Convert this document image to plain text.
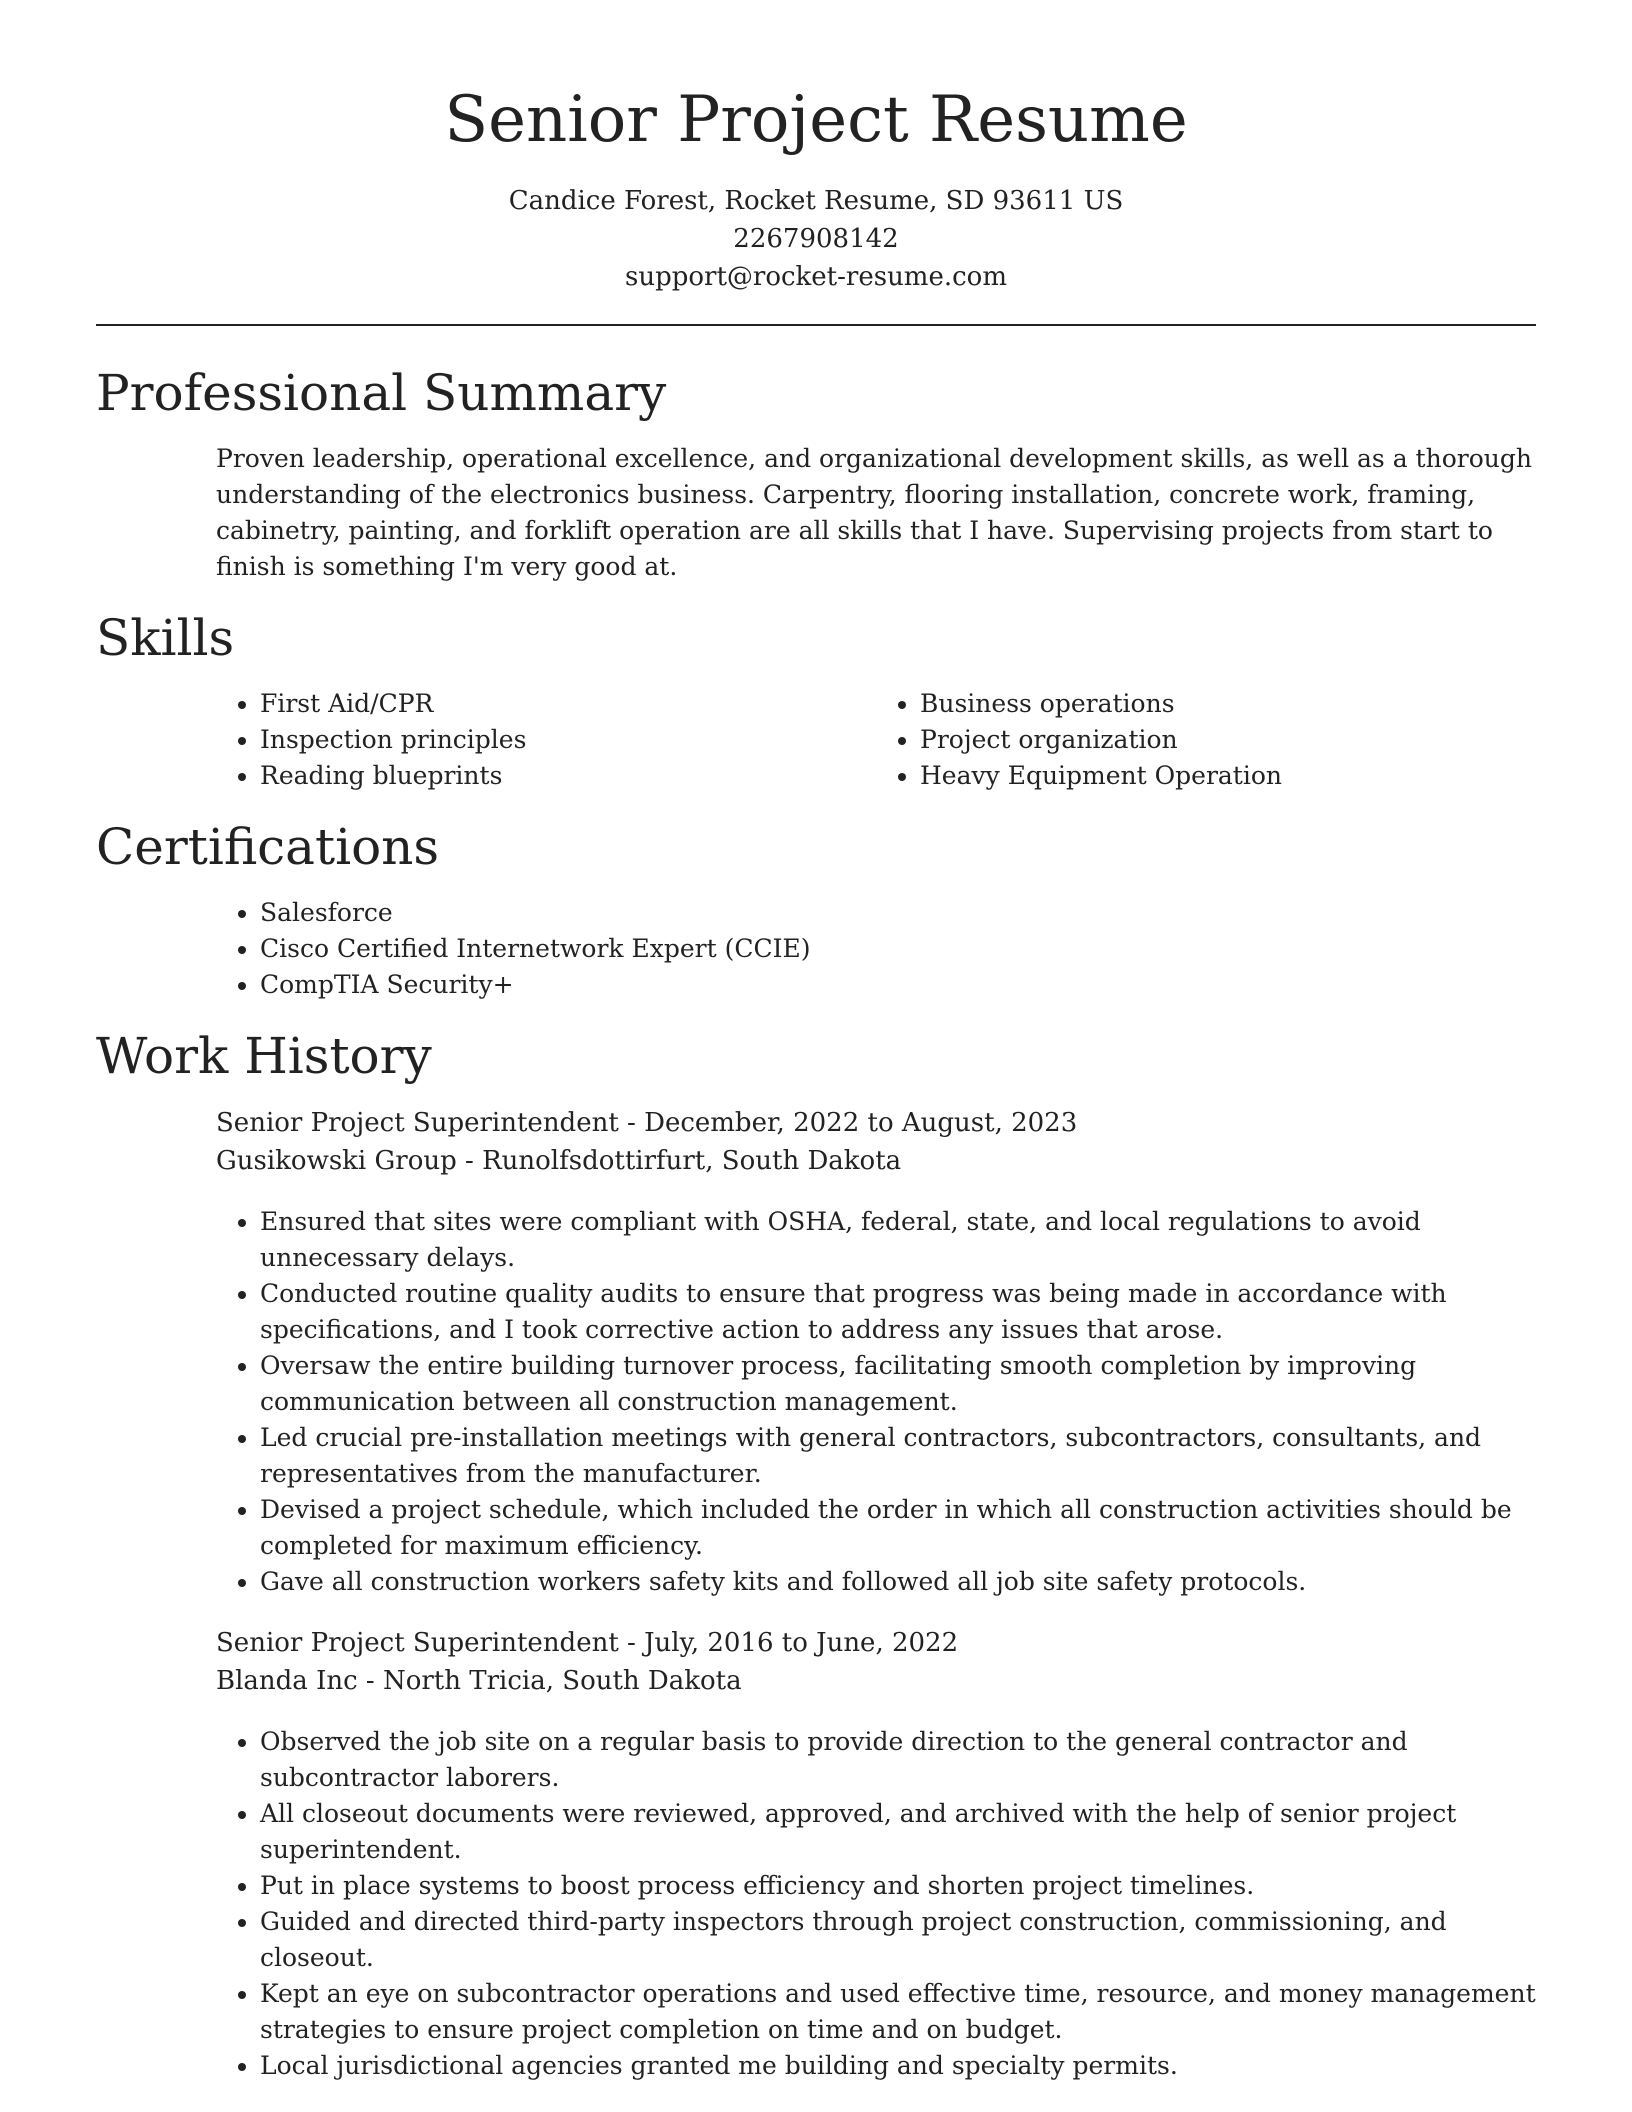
Senior Project Resume
Candice Forest, Rocket Resume, SD 93611 US
2267908142
support@rocket-resume.com
Professional Summary
Proven leadership, operational excellence, and organizational development skills, as well as a thorough understanding of the electronics business. Carpentry, flooring installation, concrete work, framing, cabinetry, painting, and forklift operation are all skills that I have. Supervising projects from start to finish is something I'm very good at.
Skills
• First Aid/CPR
• Inspection principles
• Reading blueprints
• Business operations
• Project organization
• Heavy Equipment Operation
Certifications
• Salesforce
• Cisco Certified Internetwork Expert (CCIE)
• CompTIA Security+
Work History
Senior Project Superintendent - December, 2022 to August, 2023
Gusikowski Group - Runolfsdottirfurt, South Dakota
• Ensured that sites were compliant with OSHA, federal, state, and local regulations to avoid unnecessary delays.
• Conducted routine quality audits to ensure that progress was being made in accordance with specifications, and I took corrective action to address any issues that arose.
• Oversaw the entire building turnover process, facilitating smooth completion by improving communication between all construction management.
• Led crucial pre-installation meetings with general contractors, subcontractors, consultants, and representatives from the manufacturer.
• Devised a project schedule, which included the order in which all construction activities should be completed for maximum efficiency.
• Gave all construction workers safety kits and followed all job site safety protocols.
Senior Project Superintendent - July, 2016 to June, 2022
Blanda Inc - North Tricia, South Dakota
• Observed the job site on a regular basis to provide direction to the general contractor and subcontractor laborers.
• All closeout documents were reviewed, approved, and archived with the help of senior project superintendent.
• Put in place systems to boost process efficiency and shorten project timelines.
• Guided and directed third-party inspectors through project construction, commissioning, and closeout.
• Kept an eye on subcontractor operations and used effective time, resource, and money management strategies to ensure project completion on time and on budget.
• Local jurisdictional agencies granted me building and specialty permits.
